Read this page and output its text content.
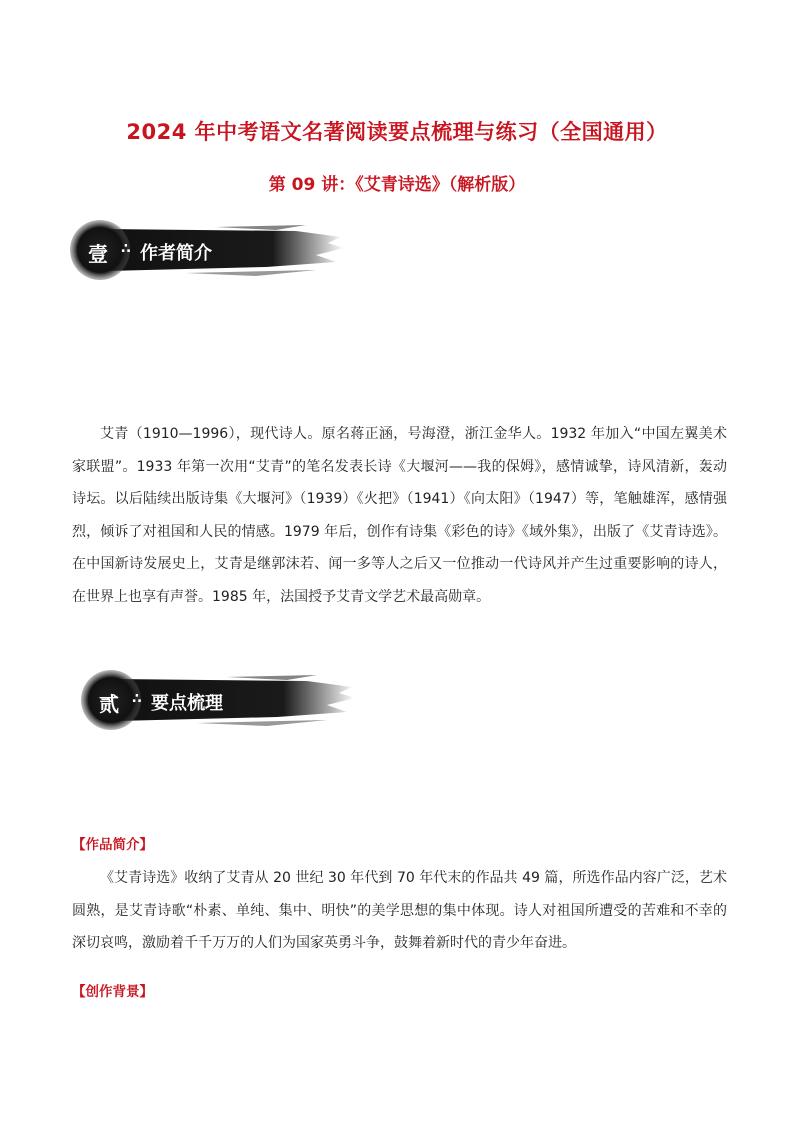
2024 年中考语文名著阅读要点梳理与练习（全国通用）
第 09 讲：《艾青诗选》（解析版）
壹 ∴ 作者简介

艾青（1910—1996），现代诗人。原名蒋正涵，号海澄，浙江金华人。1932 年加入“中国左翼美术家联盟”。1933 年第一次用“艾青”的笔名发表长诗《大堰河——我的保姆》，感情诚挚，诗风清新，轰动诗坛。以后陆续出版诗集《大堰河》（1939）《火把》（1941）《向太阳》（1947）等，笔触雄浑，感情强烈，倾诉了对祖国和人民的情感。1979 年后，创作有诗集《彩色的诗》《域外集》，出版了《艾青诗选》。在中国新诗发展史上，艾青是继郭沫若、闻一多等人之后又一位推动一代诗风并产生过重要影响的诗人，在世界上也享有声誉。1985 年，法国授予艾青文学艺术最高勋章。

贰 ∴ 要点梳理
【作品简介】

《艾青诗选》收纳了艾青从 20 世纪 30 年代到 70 年代末的作品共 49 篇，所选作品内容广泛，艺术圆熟，是艾青诗歌“朴素、单纯、集中、明快”的美学思想的集中体现。诗人对祖国所遭受的苦难和不幸的深切哀鸣，激励着千千万万的人们为国家英勇斗争，鼓舞着新时代的青少年奋进。

【创作背景】
